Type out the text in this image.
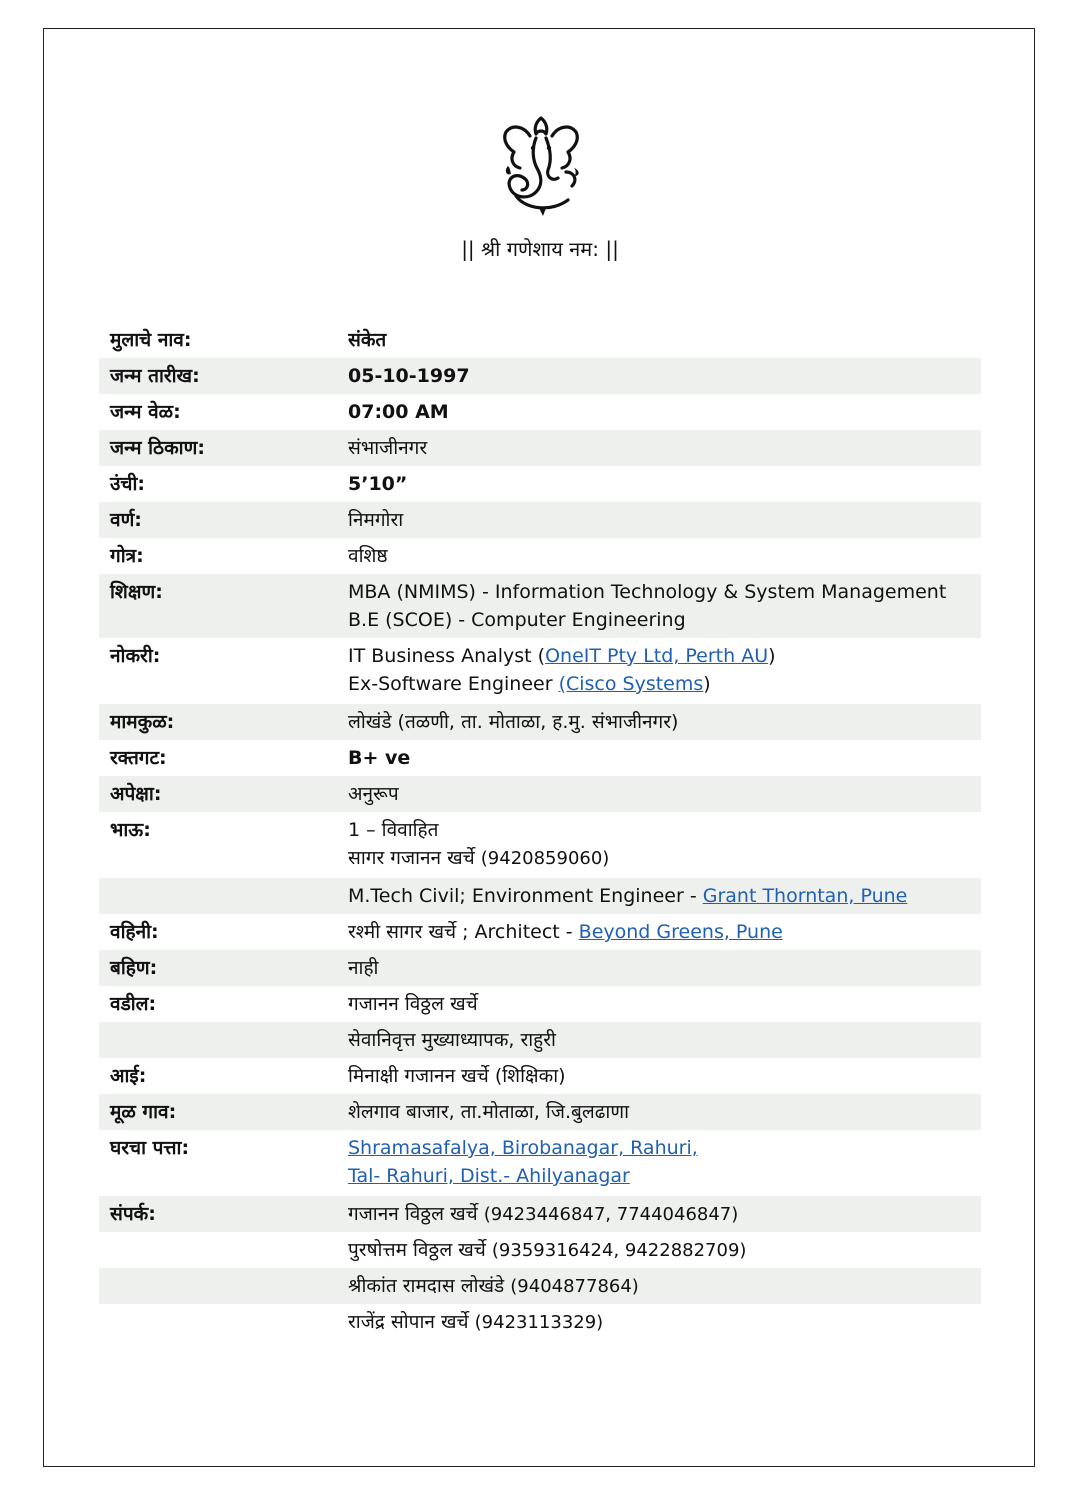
|| श्री गणेशाय नम: ||
मुलाचे नाव:	संकेत
जन्म तारीख:	05-10-1997
जन्म वेळ:	07:00 AM
जन्म ठिकाण:	संभाजीनगर
उंची:	5’10”
वर्ण:	निमगोरा
गोत्र:	वशिष्ठ
शिक्षण:	MBA (NMIMS) - Information Technology & System Management
B.E (SCOE) - Computer Engineering
नोकरी:	IT Business Analyst (OneIT Pty Ltd, Perth AU)
Ex-Software Engineer (Cisco Systems)
मामकुळ:	लोखंडे (तळणी, ता. मोताळा, ह.मु. संभाजीनगर)
रक्तगट:	B+ ve
अपेक्षा:	अनुरूप
भाऊ:	1 – विवाहित
सागर गजानन खर्चे (9420859060)
M.Tech Civil; Environment Engineer - Grant Thorntan, Pune
वहिनी:	रश्मी सागर खर्चे ; Architect - Beyond Greens, Pune
बहिण:	नाही
वडील:	गजानन विठ्ठल खर्चे
सेवानिवृत्त मुख्याध्यापक, राहुरी
आई:	मिनाक्षी गजानन खर्चे (शिक्षिका)
मूळ गाव:	शेलगाव बाजार, ता.मोताळा, जि.बुलढाणा
घरचा पत्ता:	Shramasafalya, Birobanagar, Rahuri,
Tal- Rahuri, Dist.- Ahilyanagar
संपर्क:	गजानन विठ्ठल खर्चे (9423446847, 7744046847)
पुरषोत्तम विठ्ठल खर्चे (9359316424, 9422882709)
श्रीकांत रामदास लोखंडे (9404877864)
राजेंद्र सोपान खर्चे (9423113329)
